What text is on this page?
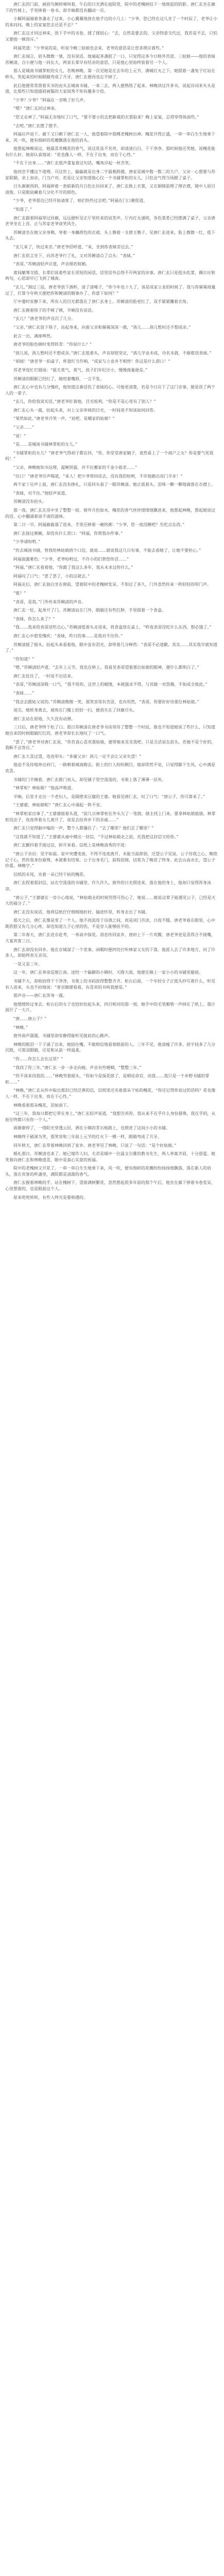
唐仁玄的门前，画眉鸟婉转啼叫着。午后的日光洒在庭院里，院中的老槐树投下一地斑驳的阴影。唐仁玄坐在廊下的竹椅上，手里捧着一卷书，却半晌都没有翻动一页。

小厮阿福端着茶盏走了过来，小心翼翼地放在他手边的小几上：“少爷，您已经在这儿坐了一个时辰了，老爷让小的来问问，晚上的家宴您去还是不去？”

唐仁玄这才回过神来，放下手中的书卷，揉了揉眉心：“去，自然是要去的。父亲特意交代过，我若是不去，只怕又要挨一顿训斥。”

阿福笑道：“少爷说的是。听说今晚三姑娘也会来，老爷的意思是让您多照应着些。”

唐仁玄闻言，眉头微微一皱，没有说话。他端起茶盏抿了一口，只觉得这茶今日格外苦涩。三姑娘——他的表妹苏婉清，自小便与他一同长大，两家长辈早有结亲的意思，只是他心里始终装着另一个人。

那人是城南书铺掌柜的女儿，名唤林晚。第一次见她是在去年的上元节，满城灯火之下，她提着一盏兔子灯站在桥头，笑起来的时候眼睛弯成了月牙，唐仁玄便再也忘不掉了。

此后他便常常借着买书的由头去城南书铺，一来二去，两人便熟络了起来。林晚读过许多书，说起诗词来头头是道，比那些只知道描眉画鬓的大家闺秀不知有趣多少倍。

“少爷？少爷？”阿福在一旁唤了好几声。

“嗯？”唐仁玄回过神来。

“您又走神了。”阿福无奈地叹了口气，“要不要小的去把新裁的衣裳取来？晚上家宴，总得穿得体面些。”

“去吧。”唐仁玄摆了摆手。

阿福应声退下。廊下又只剩下唐仁玄一人，他望着院中那棵老槐树出神。槐花开得正盛，一串一串白生生地垂下来，风一吹，便有细碎的花瓣飘落在他的肩头。

他想起林晚说过，她最喜欢槐花的香气，说这花虽不名贵，却清清白白、干干净净。那时候他还笑她，说槐花能有什么好，她却认真地说：“花也像人一样，不在于出身，而在于心性。”

“不在于出身……”唐仁玄低声重复着这句话，嘴角浮起一丝苦笑。

他何尝不懂这个道理。可这世上，偏偏就是出身二字最难跨越。唐家是城中数一数二的大户，父亲一心想要与苏家联姻，亲上加亲，门当户对。若是让父亲知道他心仪一个书铺掌柜的女儿，只怕会气得当场掀了桌子。

日头渐渐西斜，阿福捧着一套崭新的月白色长衫回来了。唐仁玄换上衣裳，又在铜镜前理了理衣襟，镜中人眉目清俊，只是眼底藏着几分化不开的郁色。

“少爷，老爷那边已经开始请客了，咱们快些过去吧。”阿福在门口催促道。

“知道了。”

唐仁玄跟着阿福穿过回廊，远远便听见正厅里传来的说笑声。厅内灯火通明，各色菜肴已经摆满了桌子，父亲唐老爷坐在上首，正与苏家老爷谈笑风生。

苏婉清坐在她父亲身侧，穿着一身藕荷色的衣裙，头上簪着一支碧玉簪子，见唐仁玄进来，脸上微微一红，低下头去。

“玄儿来了，快过来坐。”唐老爷招呼道，“来，坐到你表妹旁边去。”

唐仁玄依言坐下，向苏老爷行了礼，又对苏婉清点了点头：“表妹。”

“表哥。”苏婉清轻声应道，声音细若蚊蚋。

席间觥筹交错，长辈们说着些家长里短的闲话，话里话外总绕不开两家的亲事。唐仁玄只是低头吃菜，偶尔应和两句，心思却早已飞到了城南。

“玄儿，”酒过三巡，唐老爷放下酒杯，清了清嗓子，“你今年也十九了，该是成家立业的时候了。我与你舅舅商量过了，打算今年秋天便把你和婉清的婚事办了。你意下如何？”

厅中霎时安静下来，所有人的目光都落在了唐仁玄身上。苏婉清的脸更红了，双手紧紧攥着衣角。

唐仁玄握着筷子的手顿了顿，半晌没有说话。

“玄儿？”唐老爷的声音沉了几分。

“父亲，”唐仁玄放下筷子，站起身来，向着父亲和舅舅深深一揖，“孩儿……孩儿暂时还不想成亲。”

此言一出，满座哗然。

唐老爷的脸色顿时变得铁青：“你说什么？”

“孩儿说，孩儿暂时还不想成亲。”唐仁玄低着头，声音却很坚定，“孩儿学业未成，功名未就，不敢耽误表妹。”

“胡闹！”唐老爷一拍桌子，杯盘叮当作响，“成家与立业并不相悖！你这是什么借口！”

苏老爷连忙打圆场：“姐夫莫气，莫气，孩子们年纪还小，慢慢商量便是。”

苏婉清的眼眶已经红了，她咬着嘴唇，一言不发。

唐仁玄心中也有几分愧疚，他知道这番话伤了表妹的心。可他更清楚，若是今日应下了这门亲事，便是误了两个人的一辈子。

“玄儿，你给我说实话，”唐老爷盯着他，目光锐利，“你是不是心里有了别人？”

唐仁玄心头一震，抬起头来，对上父亲审视的目光，一时间竟不知该如何回答。

“果然如此。”唐老爷冷笑一声，“说吧，是哪家的姑娘？”

“父亲……”

“说！”

“是……是城南书铺林掌柜的女儿。”

“书铺掌柜的女儿？”唐老爷气得胡子都在抖，“你、你堂堂唐家嫡子，竟然看上了一个商户之女？你是要气死我吗！”

“父亲，林晚她知书达理，温婉贤淑，并不比哪家的千金小姐差……”

“住口！”唐老爷厉声喝道，“来人！把少爷带回房去，没有我的吩咐，不许他踏出房门半步！”

两个家丁应声上前，唐仁玄没有挣扎，只是回头看了一眼苏婉清。她正低着头，泪珠一颗一颗地滴落在衣襟上。

“表妹，对不住。”他轻声说道。

苏婉清没有抬头。

那一夜，唐仁玄在房中坐了整整一宿。窗外月色如水，槐花的香气丝丝缕缕地飘进来，他想起林晚，想起她说过的话，心中翻涌着说不清的滋味。

第二日一早，阿福偷偷溜了进来，手里还捧着一碗热粥：“少爷，您一夜没睡吧？先吃点东西。”

唐仁玄接过粥碗，却没有什么胃口：“阿福，你帮我办件事。”

“少爷请吩咐。”

“你去城南书铺，替我给林姑娘捎个口信，就说……就说我这几日有事，不能去看她了，让她不要担心。”

阿福面露难色：“少爷，老爷吩咐过，不许小的们替您传话……”

“阿福，”唐仁玄看着他，“你跟了我这么多年，我从未求过你什么。”

阿福叹了口气：“罢了罢了，小的这就去。”

阿福走后，唐仁玄独自坐在窗前，望着院中的老槐树发呆。不知过了多久，门外忽然传来一阵轻轻的叩门声。

“谁？”

“表哥，是我。”门外传来苏婉清的声音。

唐仁玄一怔，起身开了门。苏婉清站在门外，眼睛还有些红肿，手里提着一个食盒。

“表妹，你怎么来了？”

“我……我来给表哥送些点心。”苏婉清低着头走进来，将食盒放在桌上，“昨夜表哥没吃什么东西，想必饿了。”

唐仁玄心中愈发愧疚：“表妹，昨日的事……是我对不住你。”

苏婉清摇了摇头，抬起头来看着他，眼中虽有泪光，却带着几分释然：“表哥不必道歉。其实……其实我早就知道了。”

“你知道？”

“嗯。”苏婉清轻声道，“去年上元节，我也在桥上。我看见表哥望着那位姑娘的眼神，便什么都明白了。”

唐仁玄怔住了，一时说不出话来。

“表哥，”苏婉清深吸一口气，“我不怪你。这世上的姻缘，本就强求不得。与其做一对怨偶，不如成全彼此。”

“表妹……”

“我会去跟姑父说的。”苏婉清微微一笑，那笑容里有苦涩，也有坦然，“表哥，你要好好待那位林姑娘。”

说完，她转身离去，裙角在门槛上轻轻一扫，便消失在了回廊尽头。

唐仁玄站在原地，久久没有动弹。

三日后，唐老爷终于松了口。那日苏婉清在唐老爷书房里待了整整一个时辰，谁也不知道她说了些什么，只知道她出来的时候眼睛红红的，唐老爷却长长地叹了一口气。

“罢了，”唐老爷对唐仁玄说，“你若真心喜欢那姑娘，便带她来见见我吧。只是丑话说在前头，若她不是个好的，我断不会答应。”

唐仁玄大喜过望，连连叩头：“多谢父亲！孩儿一定不会让父亲失望！”

他迫不及待地奔出府门，一路朝着城南跑去。街上的行人纷纷侧目，他却浑然不觉，只觉得脚下生风，心中满是欢喜。

书铺的门半掩着，唐仁玄推门而入，却见铺子里空荡荡的，书架上落了薄薄一层灰。

“林掌柜？林姑娘？”他高声唤道。

半晌，后堂才走出一个老妇人，是隔壁卖豆腐的王婆。她看见唐仁玄，叹了口气：“唐公子，你可算来了。”

“王婆婆，林姑娘呢？”唐仁玄心中涌起一阵不安。

“林掌柜家出事了。”王婆婆摇着头道，“前几日林掌柜在外头欠了一笔债，债主找上门来，要拿林姑娘抵债。林掌柜没法子，连夜带着女儿离开了，说是去投奔乡下的亲戚……”

唐仁玄只觉得脑中嗡的一声，整个人都僵住了：“去了哪里？他们去了哪里？”

“这我就不知道了。”王婆婆从袖中摸出一封信，“不过林姑娘走之前，托我把这封信交给你。”

唐仁玄颤抖着手接过信，拆开来看。信纸上是林晚清秀的字迹：

“唐公子亲启：见字如面。家中突遭变故，不得不连夜离开，未能当面辞别，还望公子见谅。公子待我之心，晚铭记于心，然你我身份悬殊，本就难有结果。公子出身名门，前程似锦，切莫为了晚误了终身。此去山高水长，望公子珍重。林晚字。”

信纸的末尾，夹着一朵已经干枯的槐花。

唐仁玄捏着那封信，站在空荡荡的书铺里，许久许久。窗外的日光照进来，落在他的身上，他却只觉得浑身冰凉。

“唐公子，”王婆婆在一旁小心地说，“林姑娘走的时候哭得可伤心了，她说……她说这辈子能遇见公子，已经是天大的福分了。”

唐仁玄没有说话，他将信纸仔仔细细地折好，揣进怀里，转身走出了书铺。

那天之后，唐仁玄像是变了一个人。他不再流连于诗酒之间，而是闭门苦读，日夜不辍。唐老爷看在眼里，心中既欣慰又有几分心疼，却也知道儿子心里的伤，不是旁人能够抚平的。

第二年春天，唐仁玄进京赶考，一举高中探花。消息传回家乡，唐府上下一片欢腾，唐老爷更是喜得合不拢嘴，大宴宾客三日。

唐仁玄却没有回乡。他在京城谋了一个差事，闲暇时便四处打听林家父女的下落。他派人去了许多地方，问了许多人，却始终杳无音讯。

一晃又是三年。

这一年，唐仁玄奉命巡察江南。途经一个偏僻的小镇时，天降大雨，他便在镇上一家小小的书铺里避雨。

书铺不大，却收拾得干干净净，书架上的书码放得整整齐齐。柜台后面，一个年轻女子正低头抄写着什么，听见有人进来，头也不抬地说：“客官随便看看，有喜欢的书叫我便是。”

那声音——唐仁玄浑身一震。

他缓缓转过身去。柜台后的女子也恰好抬起头来，四目相对的那一刻，她手中的毛笔啪嗒一声掉在了纸上，墨汁洇开了一大片。

“唐……唐公子？”

“林晚。”

窗外雨声潺潺，书铺里却安静得能听见彼此的心跳声。

林晚的眼泪一下子涌了出来，她捂住嘴，不敢相信地看着眼前的人。三年不见，他清瘦了许多，眉宇间多了几分沉稳，可那双眼睛，还是和从前一样温柔。

“你……你怎么会在这里？”

“我找了你三年。”唐仁玄一步一步走向她，声音有些哽咽，“整整三年。”

“你不该来找我的……”林晚哭着摇头，“你如今是探花郎了，是朝廷命官，而我……我只是一个乡野书铺的掌柜……”

“林晚，”唐仁玄从怀中取出那封已经泛黄的信，信纸里还夹着那朵干枯的槐花，“你还记得你说过的话吗？花也像人一样，不在于出身，而在于心性。”

林晚看着那朵槐花，泪如雨下。

“这三年，我每日都把它带在身上。”唐仁玄轻声说道，“我想告诉你，我从来不在乎什么身份悬殊，我在乎的，从始至终都只有你一个人。”

雨渐渐停了，一缕阳光穿透云层，洒在小镇的青石板路上，也照进了这间小小的书铺。

林晚终于破涕为笑，那笑容和三年前上元节的灯火下一模一样，眼睛弯成了月牙。

同年秋天，唐仁玄带着林晚回到了家乡。唐老爷见了林晚，只说了一句话：“是个好姑娘。”

婚礼那日，苏婉清也来了。她已嫁作人妇，夫君是城中一位温文尔雅的教书先生，两人举案齐眉，十分恩爱。她笑着向唐仁玄和林晚道喜，眼中是真心实意的祝福。

院中的老槐树又开花了，一串一串白生生地垂下来，风一吹，便有细碎的花瓣纷纷扬扬地飘落，落在新人的肩头，落在宾客的杯盏里，满院都是清甜的香气。

唐仁玄握着林晚的手，站在槐树下，望着满树繁花，忽然想起很多年前的那个午后，他坐在廊下捧着书卷发呆，心里想着的，也是眼前这个人。

原来兜兜转转，有些人终究是要相遇的。
